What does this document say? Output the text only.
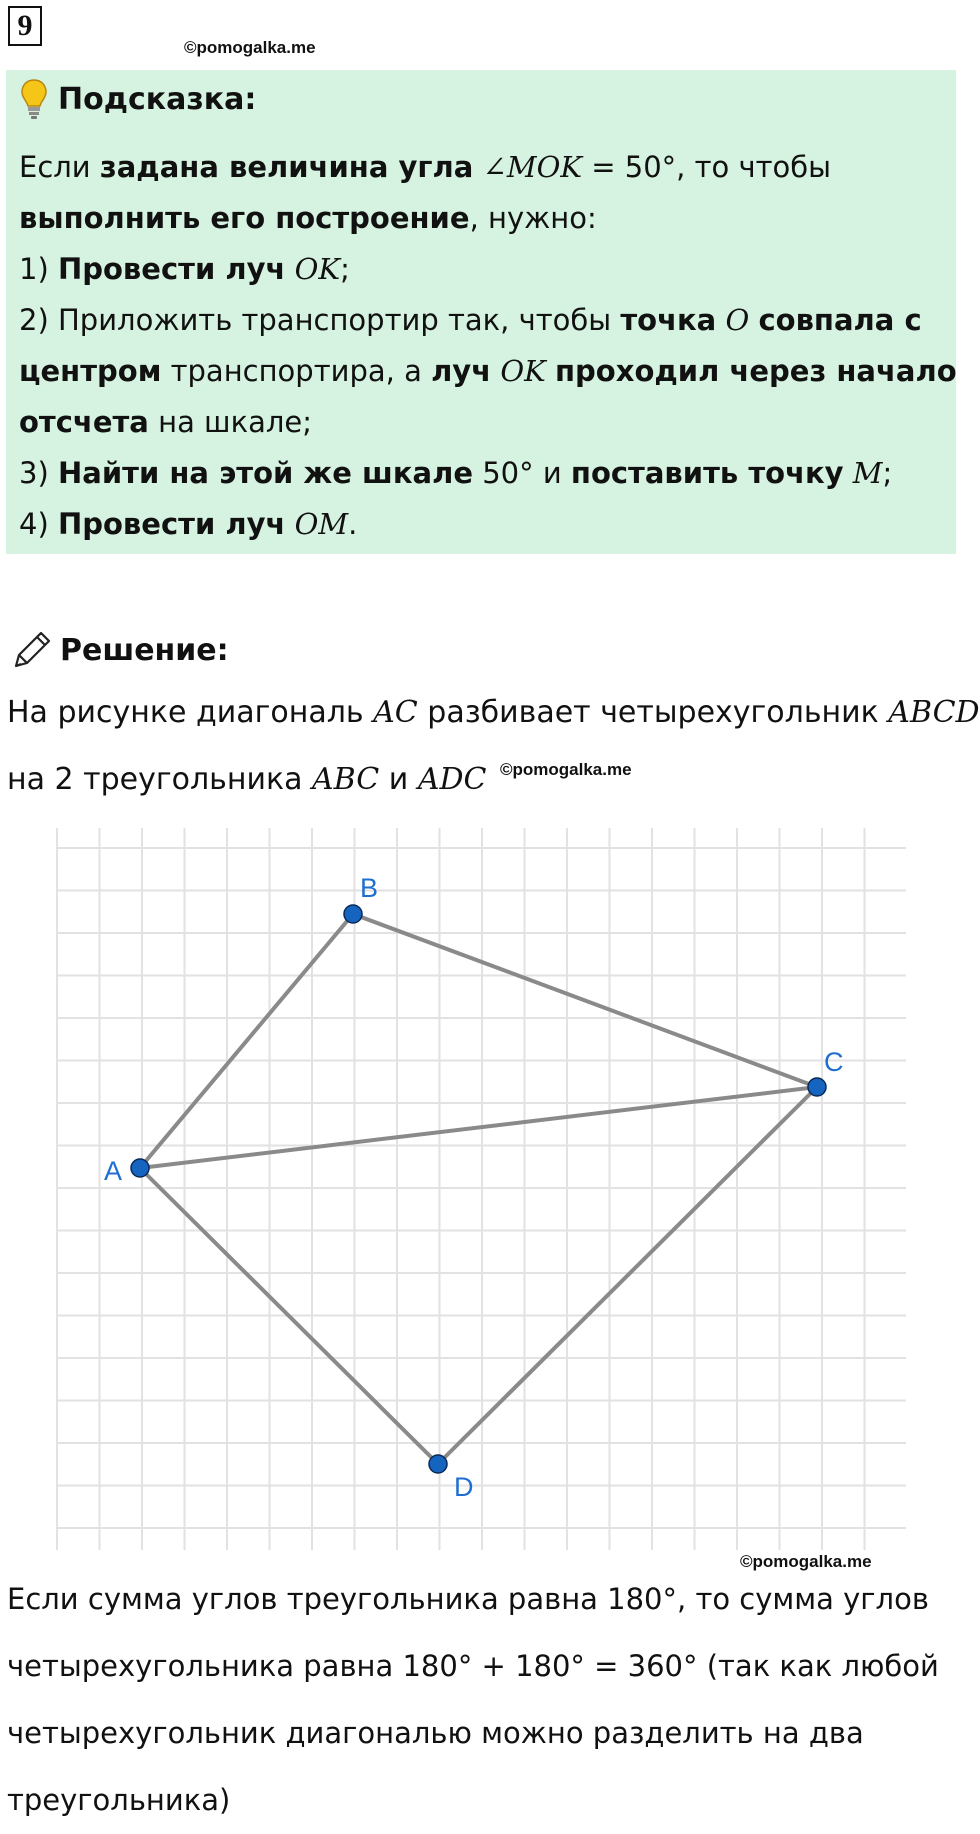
9
©pomogalka.me
Подсказка:

Если задана величина угла ∠MOK = 50°, то чтобы

выполнить его построение, нужно:

1) Провести луч OK;

2) Приложить транспортир так, чтобы точка O совпала с

центром транспортира, а луч OK проходил через начало

отсчета на шкале;

3) Найти на этой же шкале 50° и поставить точку M;

4) Провести луч OM.

Решение:

На рисунке диагональ AC разбивает четырехугольник ABCD

на 2 треугольника ABC и ADC ©pomogalka.me
A
B
C
D
©pomogalka.me

Если сумма углов треугольника равна 180°, то сумма углов

четырехугольника равна 180° + 180° = 360° (так как любой

четырехугольник диагональю можно разделить на два

треугольника)
